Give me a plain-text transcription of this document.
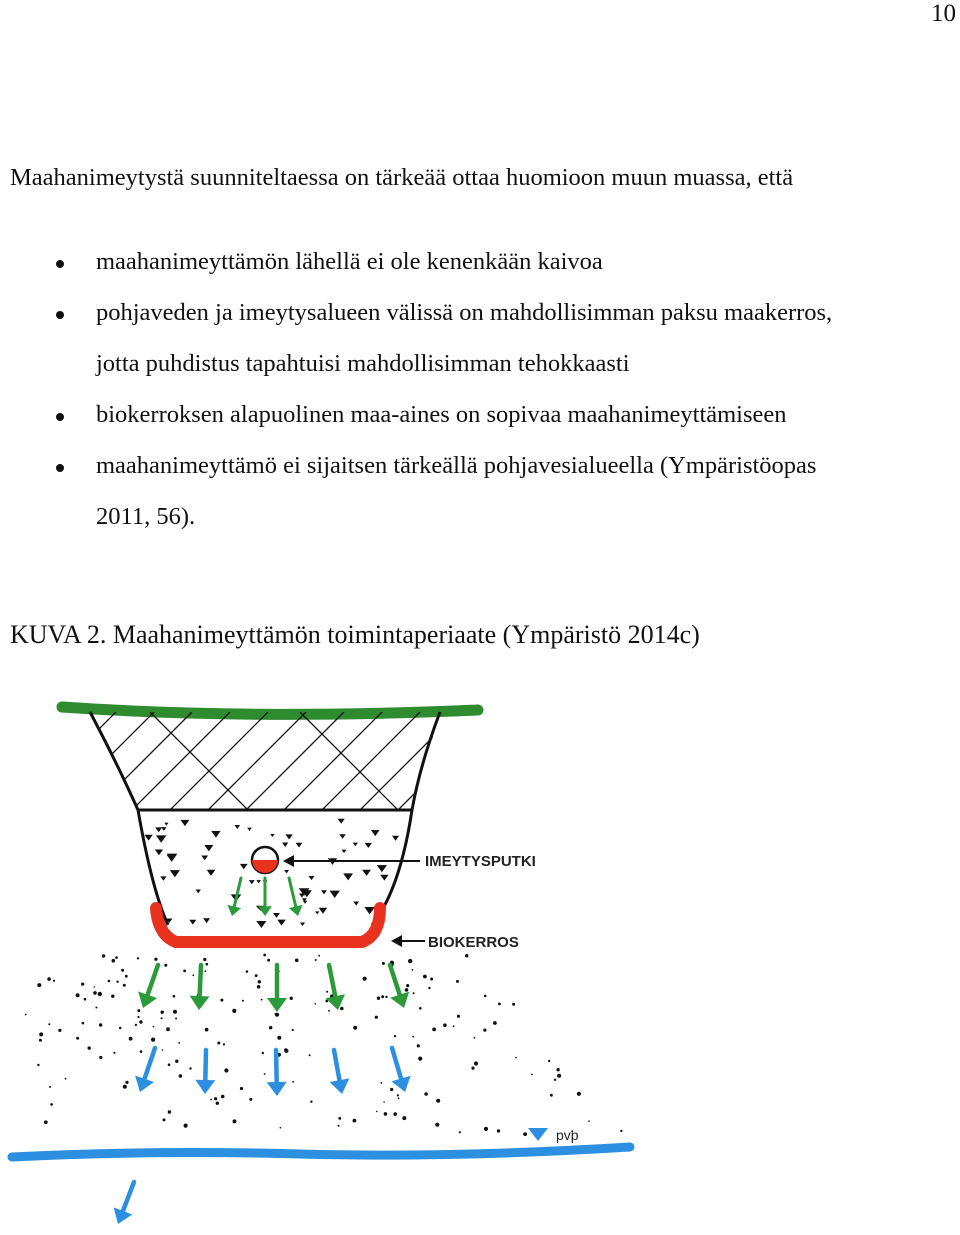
10
Maahanimeytystä suunniteltaessa on tärkeää ottaa huomioon muun muassa, että
maahanimeyttämön lähellä ei ole kenenkään kaivoa
pohjaveden ja imeytysalueen välissä on mahdollisimman paksu maakerros,
jotta puhdistus tapahtuisi mahdollisimman tehokkaasti
biokerroksen alapuolinen maa-aines on sopivaa maahanimeyttämiseen
maahanimeyttämö ei sijaitsen tärkeällä pohjavesialueella (Ympäristöopas
2011, 56).
KUVA 2. Maahanimeyttämön toimintaperiaate (Ympäristö 2014c)
IMEYTYSPUTKI
BIOKERROS
pvp
